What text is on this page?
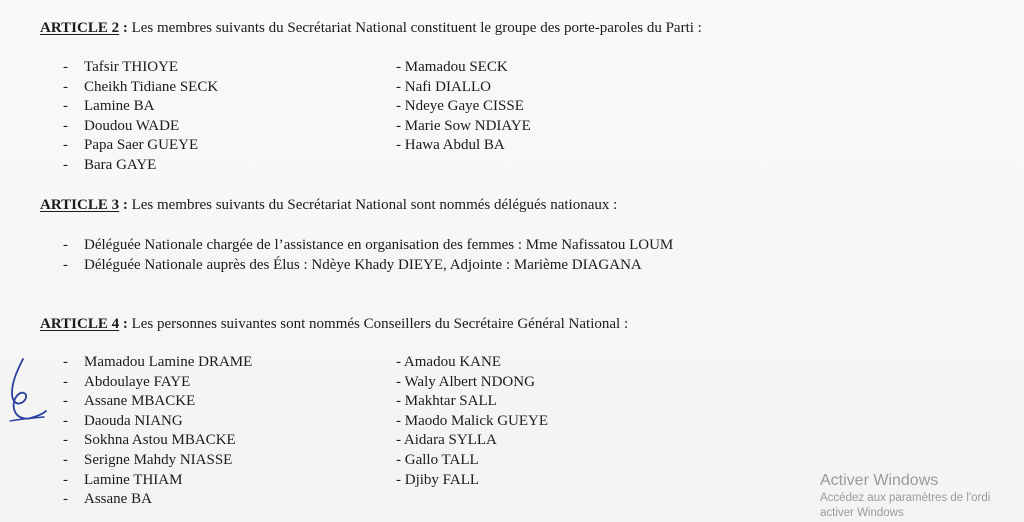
ARTICLE 2 : Les membres suivants du Secrétariat National constituent le groupe des porte-paroles du Parti :
- Tafsir THIOYE
- Cheikh Tidiane SECK
- Lamine BA
- Doudou WADE
- Papa Saer GUEYE
- Bara GAYE
- Mamadou SECK
- Nafi DIALLO
- Ndeye Gaye CISSE
- Marie Sow NDIAYE
- Hawa Abdul BA
ARTICLE 3 : Les membres suivants du Secrétariat National sont nommés délégués nationaux :
- Déléguée Nationale chargée de l’assistance en organisation des femmes : Mme Nafissatou LOUM
- Déléguée Nationale auprès des Élus : Ndèye Khady DIEYE, Adjointe : Marième DIAGANA
ARTICLE 4 : Les personnes suivantes sont nommés Conseillers du Secrétaire Général National :
- Mamadou Lamine DRAME
- Abdoulaye FAYE
- Assane MBACKE
- Daouda NIANG
- Sokhna Astou MBACKE
- Serigne Mahdy NIASSE
- Lamine THIAM
- Assane BA
- Amadou KANE
- Waly Albert NDONG
- Makhtar SALL
- Maodo Malick GUEYE
- Aidara SYLLA
- Gallo TALL
- Djiby FALL	Activer Windows
Accédez aux paramètres de l'ordi
activer Windows
